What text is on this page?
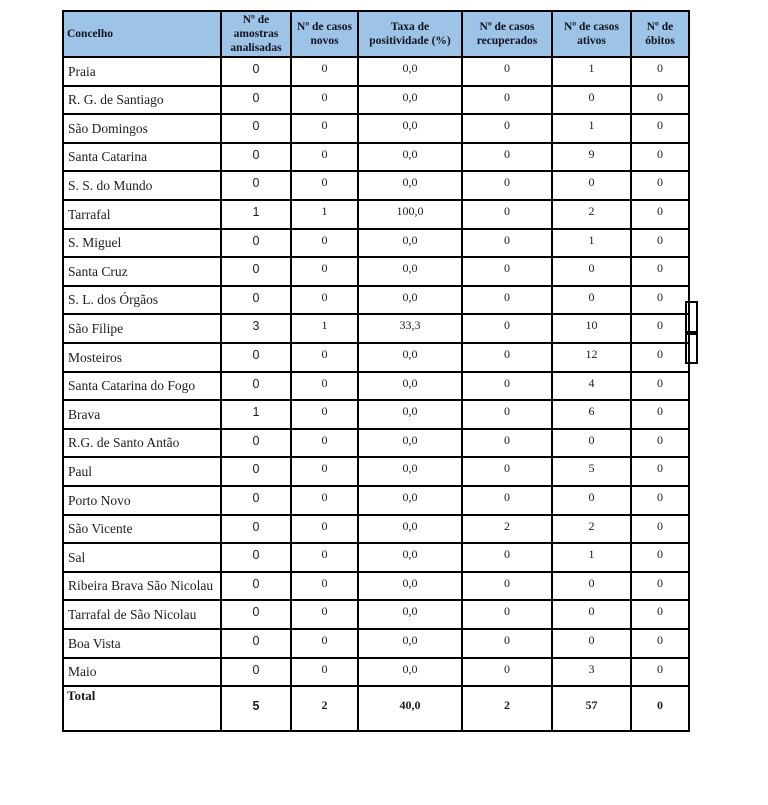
Concelho	Nº de amostras analisadas	Nº de casos novos	Taxa de positividade (%)	Nº de casos recuperados	Nº de casos ativos	Nº de óbitos
Praia	0	0	0,0	0	1	0
R. G. de Santiago	0	0	0,0	0	0	0
São Domingos	0	0	0,0	0	1	0
Santa Catarina	0	0	0,0	0	9	0
S. S. do Mundo	0	0	0,0	0	0	0
Tarrafal	1	1	100,0	0	2	0
S. Miguel	0	0	0,0	0	1	0
Santa Cruz	0	0	0,0	0	0	0
S. L. dos Órgãos	0	0	0,0	0	0	0
São Filipe	3	1	33,3	0	10	0
Mosteiros	0	0	0,0	0	12	0
Santa Catarina do Fogo	0	0	0,0	0	4	0
Brava	1	0	0,0	0	6	0
R.G. de Santo Antão	0	0	0,0	0	0	0
Paul	0	0	0,0	0	5	0
Porto Novo	0	0	0,0	0	0	0
São Vicente	0	0	0,0	2	2	0
Sal	0	0	0,0	0	1	0
Ribeira Brava São Nicolau	0	0	0,0	0	0	0
Tarrafal de São Nicolau	0	0	0,0	0	0	0
Boa Vista	0	0	0,0	0	0	0
Maio	0	0	0,0	0	3	0
Total	5	2	40,0	2	57	0
